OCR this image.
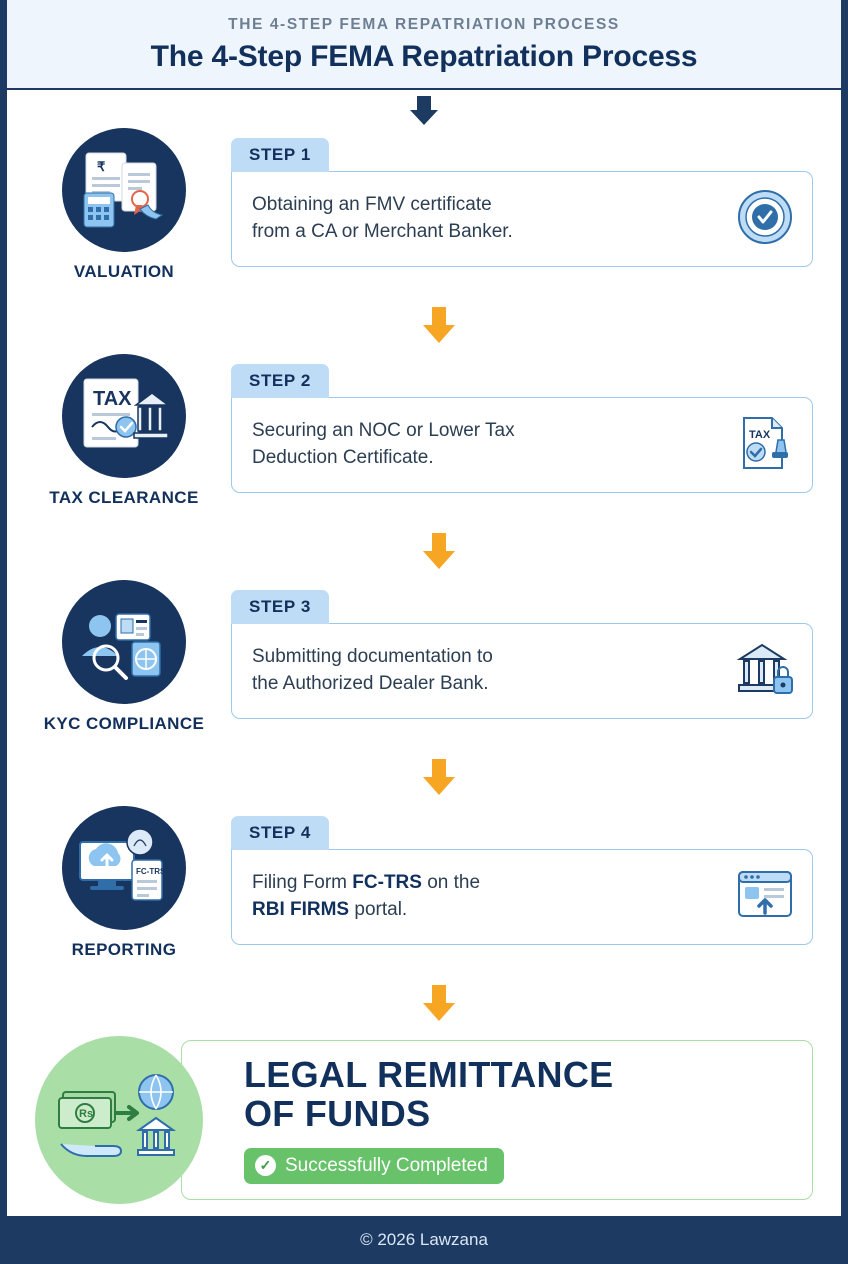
THE 4-STEP FEMA REPATRIATION PROCESS
The 4-Step FEMA Repatriation Process
₹
VALUATION
STEP 1
Obtaining an FMV certificate
from a CA or Merchant Banker.
TAX
TAX CLEARANCE
STEP 2
Securing an NOC or Lower Tax
Deduction Certificate.
TAX
KYC COMPLIANCE
STEP 3
Submitting documentation to
the Authorized Dealer Bank.
FC-TRS
REPORTING
STEP 4
Filing Form FC-TRS on the
RBI FIRMS portal.
Rs
LEGAL REMITTANCE
OF FUNDS
✓ Successfully Completed
© 2026 Lawzana
